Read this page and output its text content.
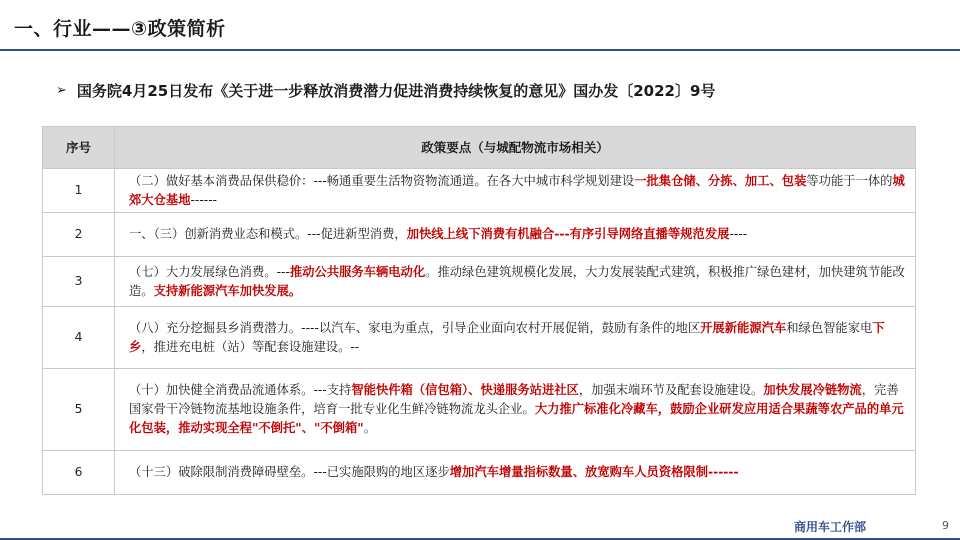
一、行业——③政策简析
➢ 国务院4月25日发布《关于进一步释放消费潜力促进消费持续恢复的意见》国办发〔2022〕9号
序号	政策要点（与城配物流市场相关）
1	（二）做好基本消费品保供稳价：---畅通重要生活物资物流通道。在各大中城市科学规划建设一批集仓储、分拣、加工、包装等功能于一体的城郊大仓基地------
2	一、（三）创新消费业态和模式。---促进新型消费，加快线上线下消费有机融合---有序引导网络直播等规范发展----
3	（七）大力发展绿色消费。---推动公共服务车辆电动化。推动绿色建筑规模化发展，大力发展装配式建筑，积极推广绿色建材，加快建筑节能改造。支持新能源汽车加快发展。
4	（八）充分挖掘县乡消费潜力。----以汽车、家电为重点，引导企业面向农村开展促销，鼓励有条件的地区开展新能源汽车和绿色智能家电下乡，推进充电桩（站）等配套设施建设。--
5	（十）加快健全消费品流通体系。---支持智能快件箱（信包箱）、快递服务站进社区，加强末端环节及配套设施建设。加快发展冷链物流，完善国家骨干冷链物流基地设施条件，培育一批专业化生鲜冷链物流龙头企业。大力推广标准化冷藏车，鼓励企业研发应用适合果蔬等农产品的单元化包装，推动实现全程"不倒托"、"不倒箱"。
6	（十三）破除限制消费障碍壁垒。---已实施限购的地区逐步增加汽车增量指标数量、放宽购车人员资格限制------
商用车工作部	9
